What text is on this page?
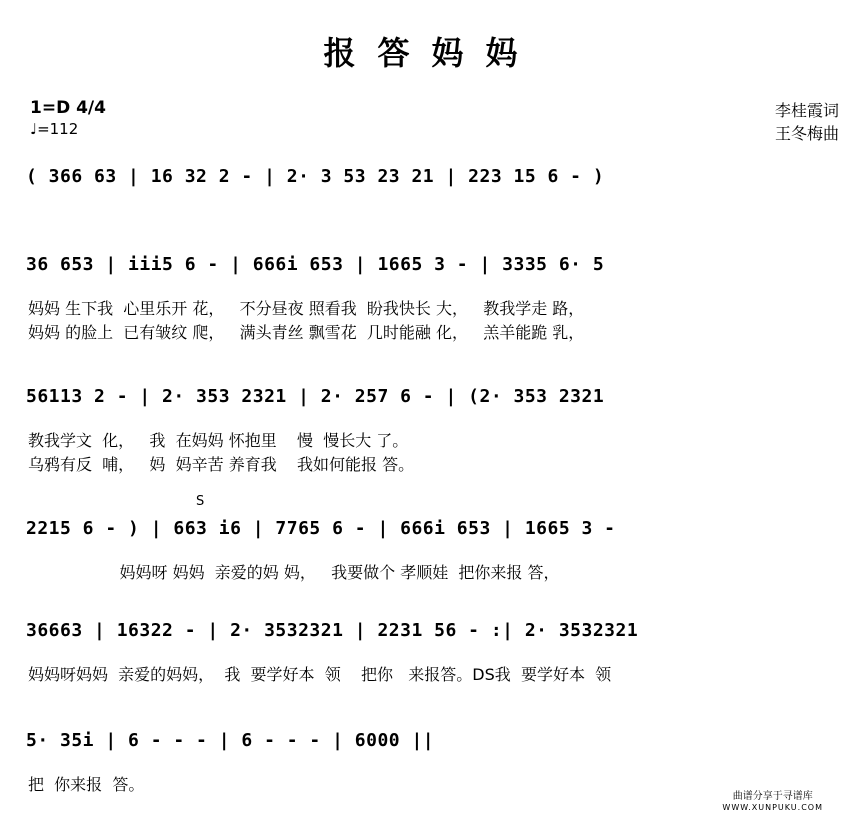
报答妈妈
1=D 4/4
♩=112
李桂霞词
王冬梅曲
( 366 63 | 16 32 2 - | 2· 3 53 23 21 | 223 15 6 - )
36 653 | iii5 6 - | 666i 653 | 1665 3 - | 3335 6· 5
妈妈 生下我  心里乐开 花，   不分昼夜 照看我  盼我快长 大，   教我学走 路，
妈妈 的脸上  已有皱纹 爬，   满头青丝 飘雪花  几时能融 化，   羔羊能跪 乳，
56113 2 - | 2· 353 2321 | 2· 257 6 - | (2· 353 2321
教我学文  化，   我  在妈妈 怀抱里    慢  慢长大 了。
乌鸦有反  哺，   妈  妈辛苦 养育我    我如何能报 答。
S
2215 6 - ) | 663 i6 | 7765 6 - | 666i 653 | 1665 3 -
妈妈呀 妈妈  亲爱的妈 妈，   我要做个 孝顺娃  把你来报 答，
36663 | 16322 - | 2· 3532321 | 2231 56 - :| 2· 3532321
妈妈呀妈妈  亲爱的妈妈，  我  要学好本  领    把你   来报答。DS我  要学好本  领
5· 35i | 6 - - - | 6 - - - | 6000 ||
把  你来报  答。
曲谱分享于寻谱库
WWW.XUNPUKU.COM
